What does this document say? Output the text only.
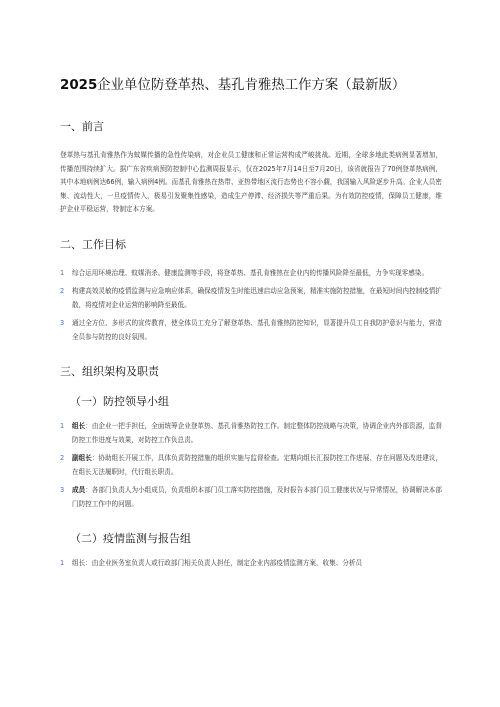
2025企业单位防登革热、基孔肯雅热工作方案（最新版）
一、前言

登革热与基孔肯雅热作为蚊媒传播的急性传染病，对企业员工健康和正常运营构成严峻挑战。近期，全球多地此类病例显著增加，传播范围持续扩大。据广东省疾病预防控制中心监测周报显示，仅在2025年7月14日至7月20日，该省就报告了70例登革热病例，其中本地病例达66例，输入病例4例。而基孔肯雅热在热带、亚热带地区流行态势也不容小觑，我国输入风险逐步升高。企业人员密集、流动性大，一旦疫情传入，极易引发聚集性感染，造成生产停滞、经济损失等严重后果。为有效防控疫情，保障员工健康，维护企业平稳运营，特制定本方案。

二、工作目标
1 综合运用环境治理、蚊媒消杀、健康监测等手段，将登革热、基孔肯雅热在企业内的传播风险降至最低，力争实现零感染。
2 构建高效灵敏的疫情监测与应急响应体系，确保疫情发生时能迅速启动应急预案，精准实施防控措施，在最短时间内控制疫情扩散，将疫情对企业运营的影响降至最低。
3 通过全方位、多形式的宣传教育，使全体员工充分了解登革热、基孔肯雅热防控知识，显著提升员工自我防护意识与能力，营造全员参与防控的良好氛围。
三、组织架构及职责
（一）防控领导小组
1 组长：由企业一把手担任，全面统筹企业登革热、基孔肯雅热防控工作。制定整体防控战略与决策，协调企业内外部资源，监督防控工作进度与效果，对防控工作负总责。
2 副组长：协助组长开展工作，具体负责防控措施的组织实施与监督检查。定期向组长汇报防控工作进展、存在问题及改进建议，在组长无法履职时，代行组长职责。
3 成员：各部门负责人为小组成员，负责组织本部门员工落实防控措施，及时报告本部门员工健康状况与异常情况，协调解决本部门防控工作中的问题。
（二）疫情监测与报告组
1 组长：由企业医务室负责人或行政部门相关负责人担任，制定企业内部疫情监测方案，收集、分析员
